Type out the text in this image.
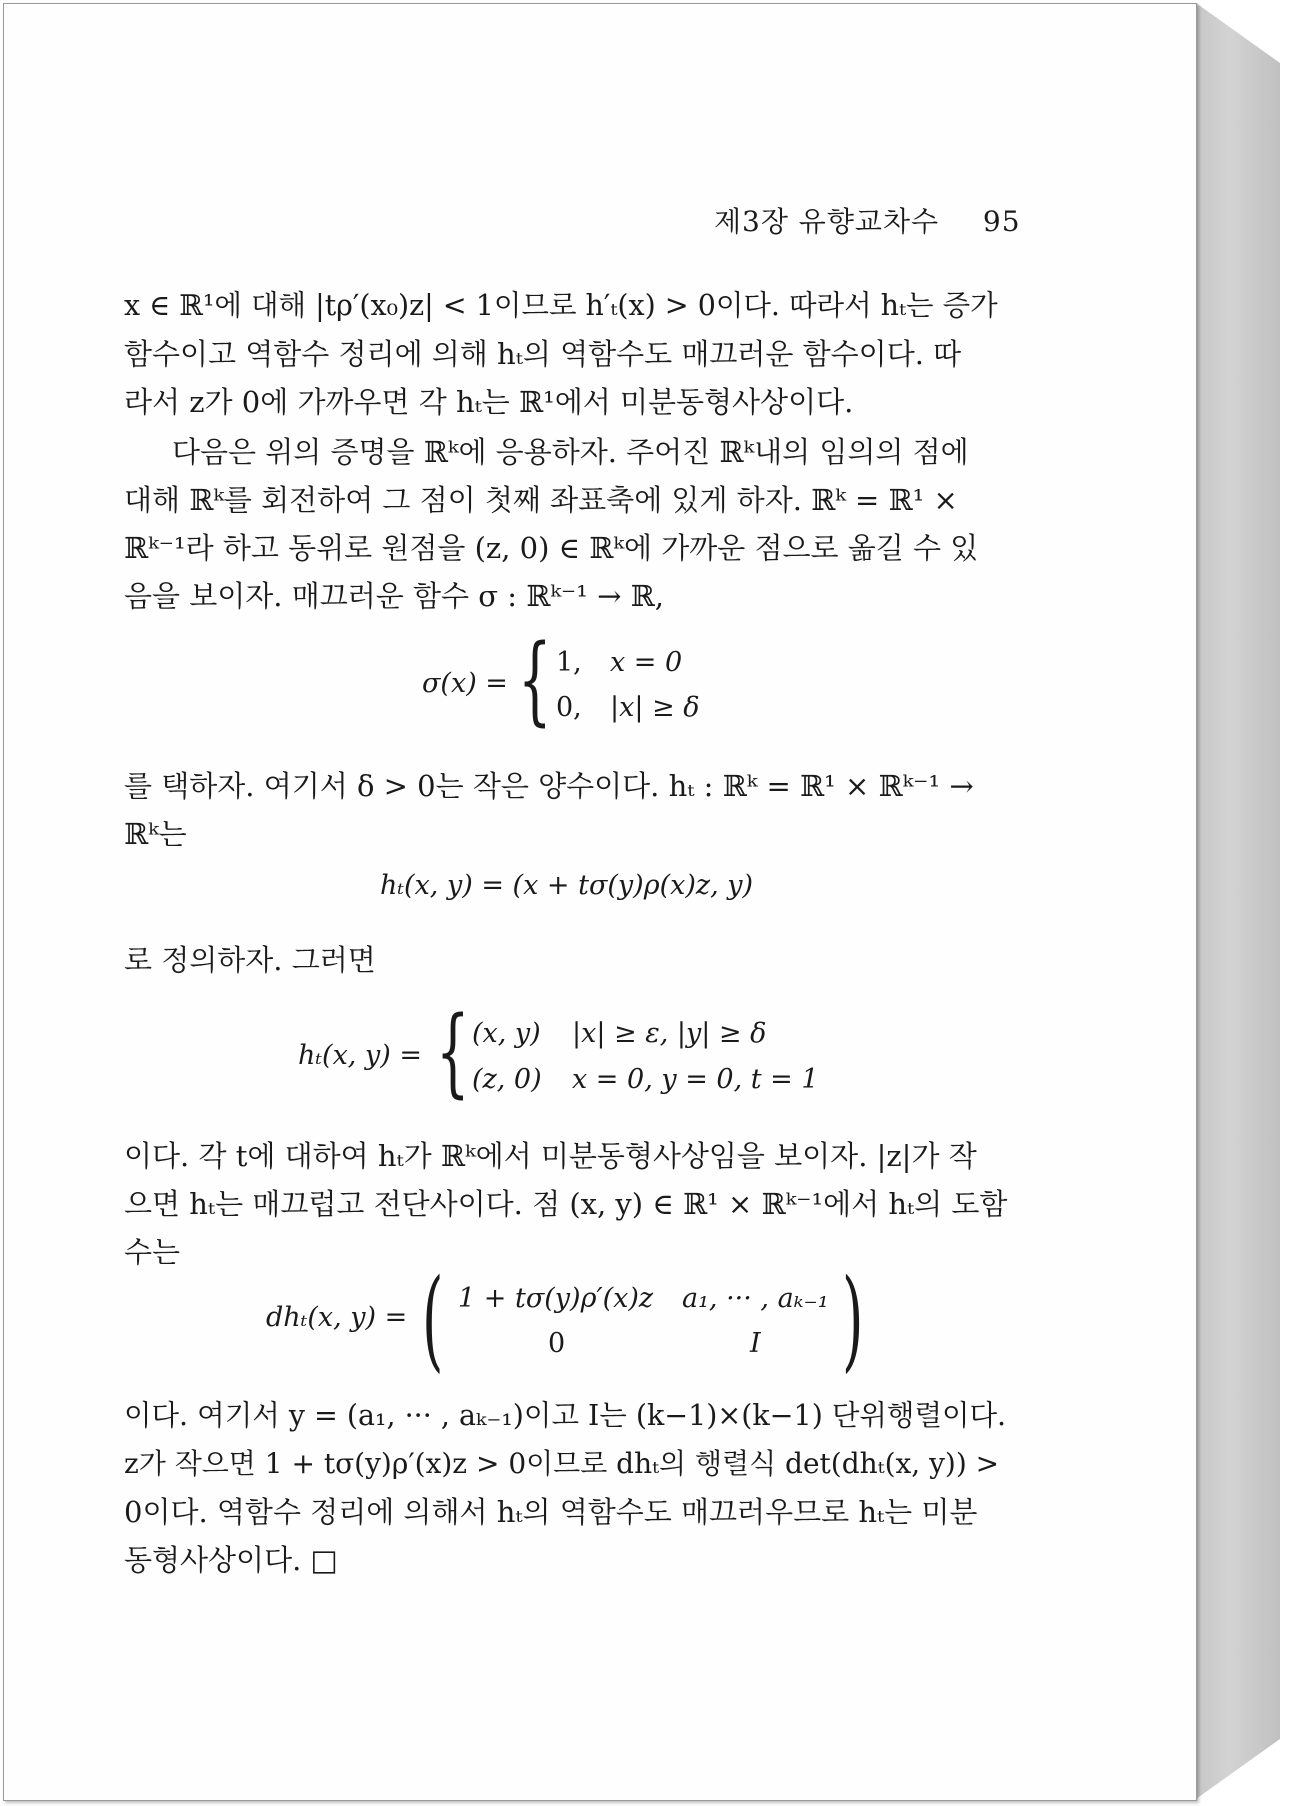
제3장 유향교차수 95
x ∈ ℝ¹에 대해 |tρ′(x₀)z| < 1이므로 h′ₜ(x) > 0이다. 따라서 hₜ는 증가
함수이고 역함수 정리에 의해 hₜ의 역함수도 매끄러운 함수이다. 따
라서 z가 0에 가까우면 각 hₜ는 ℝ¹에서 미분동형사상이다.
다음은 위의 증명을 ℝᵏ에 응용하자. 주어진 ℝᵏ내의 임의의 점에
대해 ℝᵏ를 회전하여 그 점이 첫째 좌표축에 있게 하자. ℝᵏ = ℝ¹ ×
ℝᵏ⁻¹라 하고 동위로 원점을 (z, 0) ∈ ℝᵏ에 가까운 점으로 옮길 수 있
음을 보이자. 매끄러운 함수 σ : ℝᵏ⁻¹ → ℝ,
σ(x) = { 1, x = 0
0, |x| ≥ δ
를 택하자. 여기서 δ > 0는 작은 양수이다. hₜ : ℝᵏ = ℝ¹ × ℝᵏ⁻¹ →
ℝᵏ는
hₜ(x, y) = (x + tσ(y)ρ(x)z, y)
로 정의하자. 그러면
hₜ(x, y) = { (x, y) |x| ≥ ε, |y| ≥ δ
(z, 0) x = 0, y = 0, t = 1
이다. 각 t에 대하여 hₜ가 ℝᵏ에서 미분동형사상임을 보이자. |z|가 작
으면 hₜ는 매끄럽고 전단사이다. 점 (x, y) ∈ ℝ¹ × ℝᵏ⁻¹에서 hₜ의 도함
수는
dhₜ(x, y) = ( 1 + tσ(y)ρ′(x)z a₁, ··· , aₖ₋₁
0	I )
이다. 여기서 y = (a₁, ··· , aₖ₋₁)이고 I는 (k−1)×(k−1) 단위행렬이다.
z가 작으면 1 + tσ(y)ρ′(x)z > 0이므로 dhₜ의 행렬식 det(dhₜ(x, y)) >
0이다. 역함수 정리에 의해서 hₜ의 역함수도 매끄러우므로 hₜ는 미분
동형사상이다. □
